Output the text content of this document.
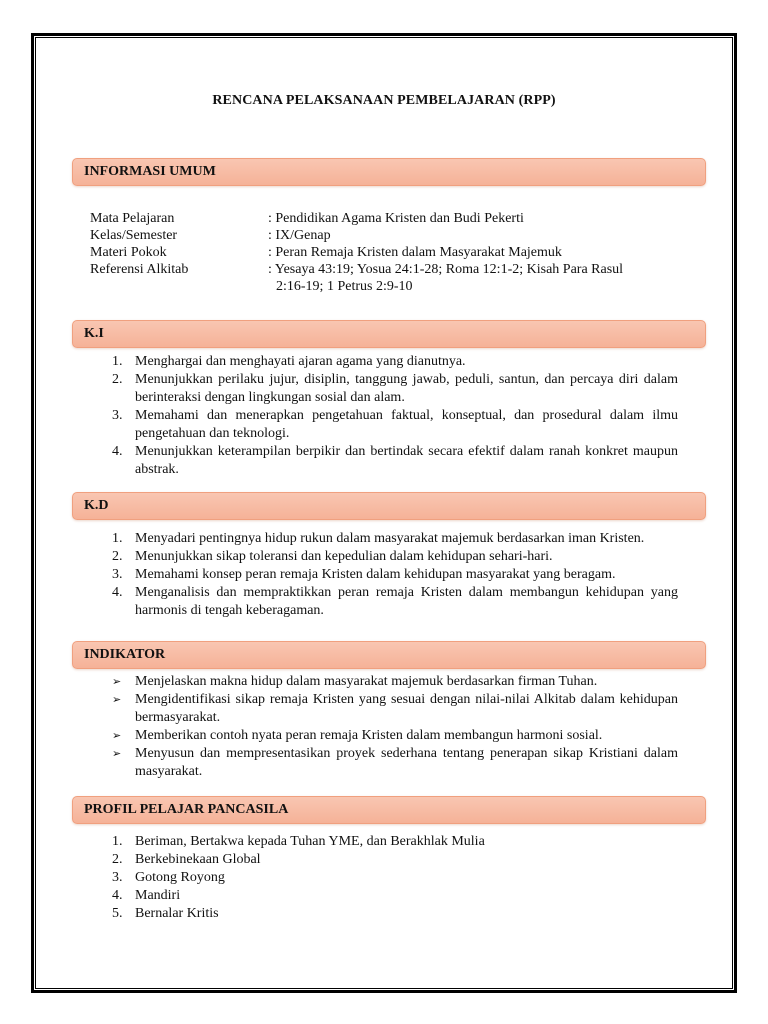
RENCANA PELAKSANAAN PEMBELAJARAN (RPP)
INFORMASI UMUM
Mata Pelajaran	: Pendidikan Agama Kristen dan Budi Pekerti
Kelas/Semester	: IX/Genap
Materi Pokok	: Peran Remaja Kristen dalam Masyarakat Majemuk
Referensi Alkitab	: Yesaya 43:19; Yosua 24:1-28; Roma 12:1-2; Kisah Para Rasul
2:16-19; 1 Petrus 2:9-10
K.I
1. Menghargai dan menghayati ajaran agama yang dianutnya.
2. Menunjukkan perilaku jujur, disiplin, tanggung jawab, peduli, santun, dan percaya diri dalam berinteraksi dengan lingkungan sosial dan alam.
3. Memahami dan menerapkan pengetahuan faktual, konseptual, dan prosedural dalam ilmu pengetahuan dan teknologi.
4. Menunjukkan keterampilan berpikir dan bertindak secara efektif dalam ranah konkret maupun abstrak.
K.D
1. Menyadari pentingnya hidup rukun dalam masyarakat majemuk berdasarkan iman Kristen.
2. Menunjukkan sikap toleransi dan kepedulian dalam kehidupan sehari-hari.
3. Memahami konsep peran remaja Kristen dalam kehidupan masyarakat yang beragam.
4. Menganalisis dan mempraktikkan peran remaja Kristen dalam membangun kehidupan yang harmonis di tengah keberagaman.
INDIKATOR
➢ Menjelaskan makna hidup dalam masyarakat majemuk berdasarkan firman Tuhan.
➢ Mengidentifikasi sikap remaja Kristen yang sesuai dengan nilai-nilai Alkitab dalam kehidupan bermasyarakat.
➢ Memberikan contoh nyata peran remaja Kristen dalam membangun harmoni sosial.
➢ Menyusun dan mempresentasikan proyek sederhana tentang penerapan sikap Kristiani dalam masyarakat.
PROFIL PELAJAR PANCASILA
1. Beriman, Bertakwa kepada Tuhan YME, dan Berakhlak Mulia
2. Berkebinekaan Global
3. Gotong Royong
4. Mandiri
5. Bernalar Kritis
